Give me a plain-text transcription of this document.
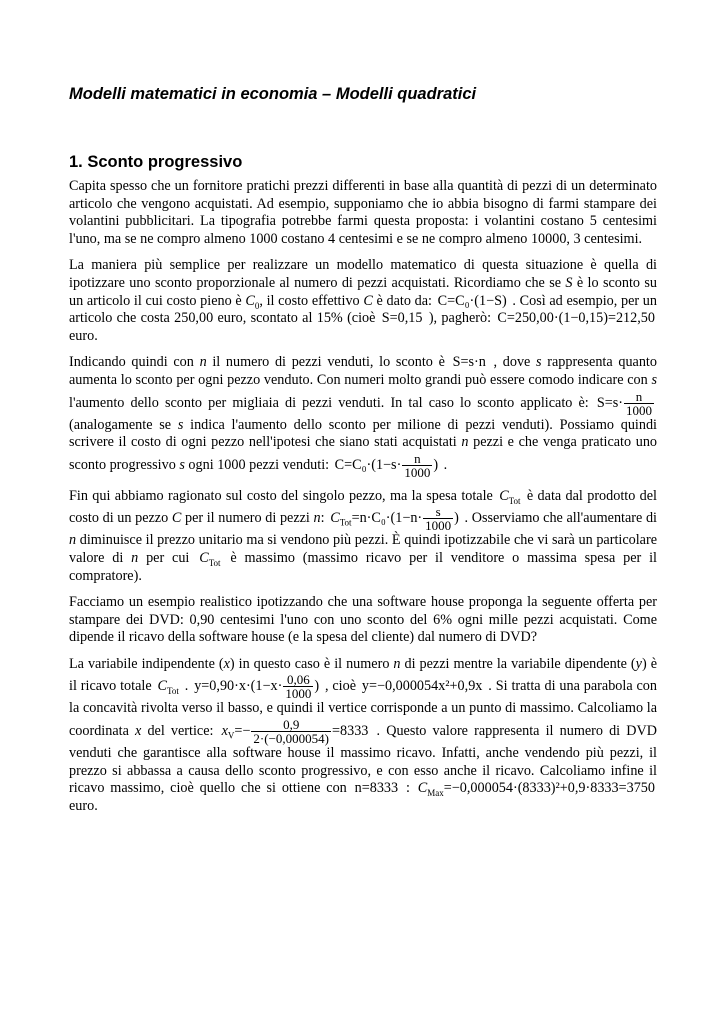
Modelli matematici in economia – Modelli quadratici
1. Sconto progressivo

Capita spesso che un fornitore pratichi prezzi differenti in base alla quantità di pezzi di un determinato articolo che vengono acquistati. Ad esempio, supponiamo che io abbia bisogno di farmi stampare dei volantini pubblicitari. La tipografia potrebbe farmi questa proposta: i volantini costano 5 centesimi l'uno, ma se ne compro almeno 1000 costano 4 centesimi e se ne compro almeno 10000, 3 centesimi.

La maniera più semplice per realizzare un modello matematico di questa situazione è quella di ipotizzare uno sconto proporzionale al numero di pezzi acquistati. Ricordiamo che se S è lo sconto su un articolo il cui costo pieno è $C_0$, il costo effettivo C è dato da: C=C₀·(1−S) . Così ad esempio, per un articolo che costa 250,00 euro, scontato al 15% (cioè S=0,15 ), pagherò: C=250,00·(1−0,15)=212,50 euro.

Indicando quindi con n il numero di pezzi venduti, lo sconto è S=s·n , dove s rappresenta quanto aumenta lo sconto per ogni pezzo venduto. Con numeri molto grandi può essere comodo indicare con s l'aumento dello sconto per migliaia di pezzi venduti. In tal caso lo sconto applicato è: $S=s\cdot \frac{n}{1000}$
(analogamente se s indica l'aumento dello sconto per milione di pezzi venduti). Possiamo quindi scrivere il costo di ogni pezzo nell'ipotesi che siano stati acquistati n pezzi e che venga praticato uno sconto progressivo s ogni 1000 pezzi venduti: $C=C_0\cdot(1-s\cdot \frac{n}{1000}$ ) .

Fin qui abbiamo ragionato sul costo del singolo pezzo, ma la spesa totale $C_{Tot}$ è data dal prodotto del costo di un pezzo C per il numero di pezzi n: $C_{Tot}=n\cdot C_0\cdot(1-n\cdot \frac{s}{1000}$ ) . Osserviamo che all'aumentare di n diminuisce il prezzo unitario ma si vendono più pezzi. È quindi ipotizzabile che vi sarà un particolare valore di n per cui $C_{Tot}$ è massimo (massimo ricavo per il venditore o massima spesa per il compratore).

Facciamo un esempio realistico ipotizzando che una software house proponga la seguente offerta per stampare dei DVD: 0,90 centesimi l'uno con uno sconto del 6% ogni mille pezzi acquistati. Come dipende il ricavo della software house (e la spesa del cliente) dal numero di DVD?

La variabile indipendente (x) in questo caso è il numero n di pezzi mentre la variabile dipendente (y) è il ricavo totale $C_{Tot}$ . $y=0,90\cdot x\cdot(1-x\cdot \frac{0,06}{1000}$ ) , cioè y=−0,000054x²+0,9x . Si tratta di una parabola con la concavità rivolta verso il basso, e quindi il vertice corrisponde a un punto di massimo. Calcoliamo la coordinata x del vertice: $x_V=- \frac{0,9}{2\cdot(-0,000054)} =8333$ . Questo valore rappresenta il numero di DVD venduti che garantisce alla software house il massimo ricavo. Infatti, anche vendendo più pezzi, il prezzo si abbassa a causa dello sconto progressivo, e con esso anche il ricavo. Calcoliamo infine il ricavo massimo, cioè quello che si ottiene con n=8333 : $C_{Max}=-0,000054\cdot(8333)^2+0,9\cdot 8333=3750$ euro.
